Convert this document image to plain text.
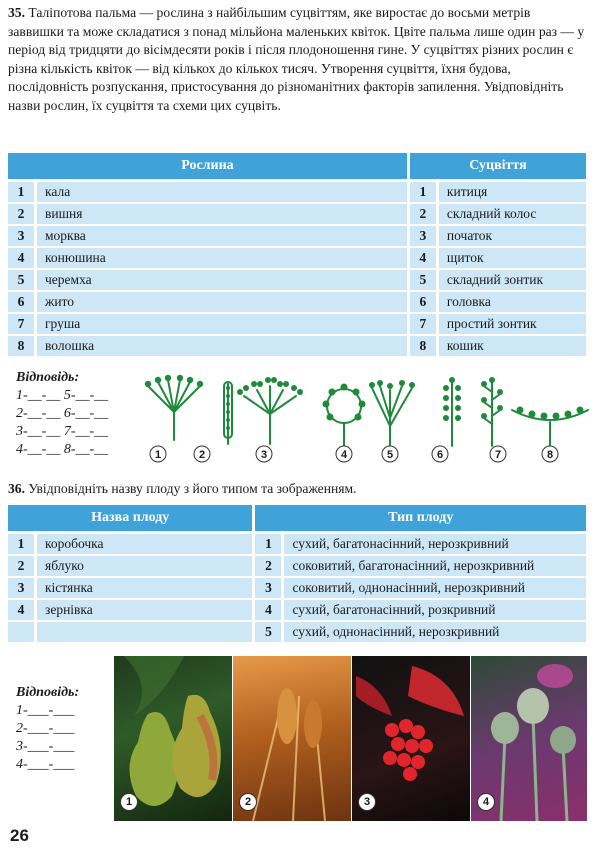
35. Таліпотова пальма — рослина з найбільшим суцвіттям, яке виростає до восьми метрів заввишки та може складатися з понад мільйона маленьких квіток. Цвіте пальма лише один раз — у період від тридцяти до вісімдесяти років і після плодоношення гине. У суцвіттях різних рослин є різна кількість квіток — від кількох до кількох тисяч. Утворення суцвіття, їхня будова, послідовність розпускання, пристосування до різноманітних факторів запилення. Увідповідніть назви рослин, їх суцвіття та схеми цих суцвіть.
Рослина		Суцвіття	
1	кала	1	китиця
2	вишня	2	складний колос
3	морква	3	початок
4	конюшина	4	щиток
5	черемха	5	складний зонтик
6	жито	6	головка
7	груша	7	простий зонтик
8	волошка	8	кошик
Відповідь:
1-__-__ 5-__-__
2-__-__ 6-__-__
3-__-__ 7-__-__
4-__-__ 8-__-__	1	2	3	4	5	6	7	8
36. Увідповідніть назву плоду з його типом та зображенням.
Назва плоду		Тип плоду	
1	коробочка	1	сухий, багатонасінний, нерозкривний
2	яблуко	2	соковитий, багатонасінний, нерозкривний
3	кістянка	3	соковитий, однонасінний, нерозкривний
4	зернівка	4	сухий, багатонасінний, розкривний
		5	сухий, однонасінний, нерозкривний
Відповідь:
1-___-___
2-___-___
3-___-___
4-___-___
1	2	3	4
26
